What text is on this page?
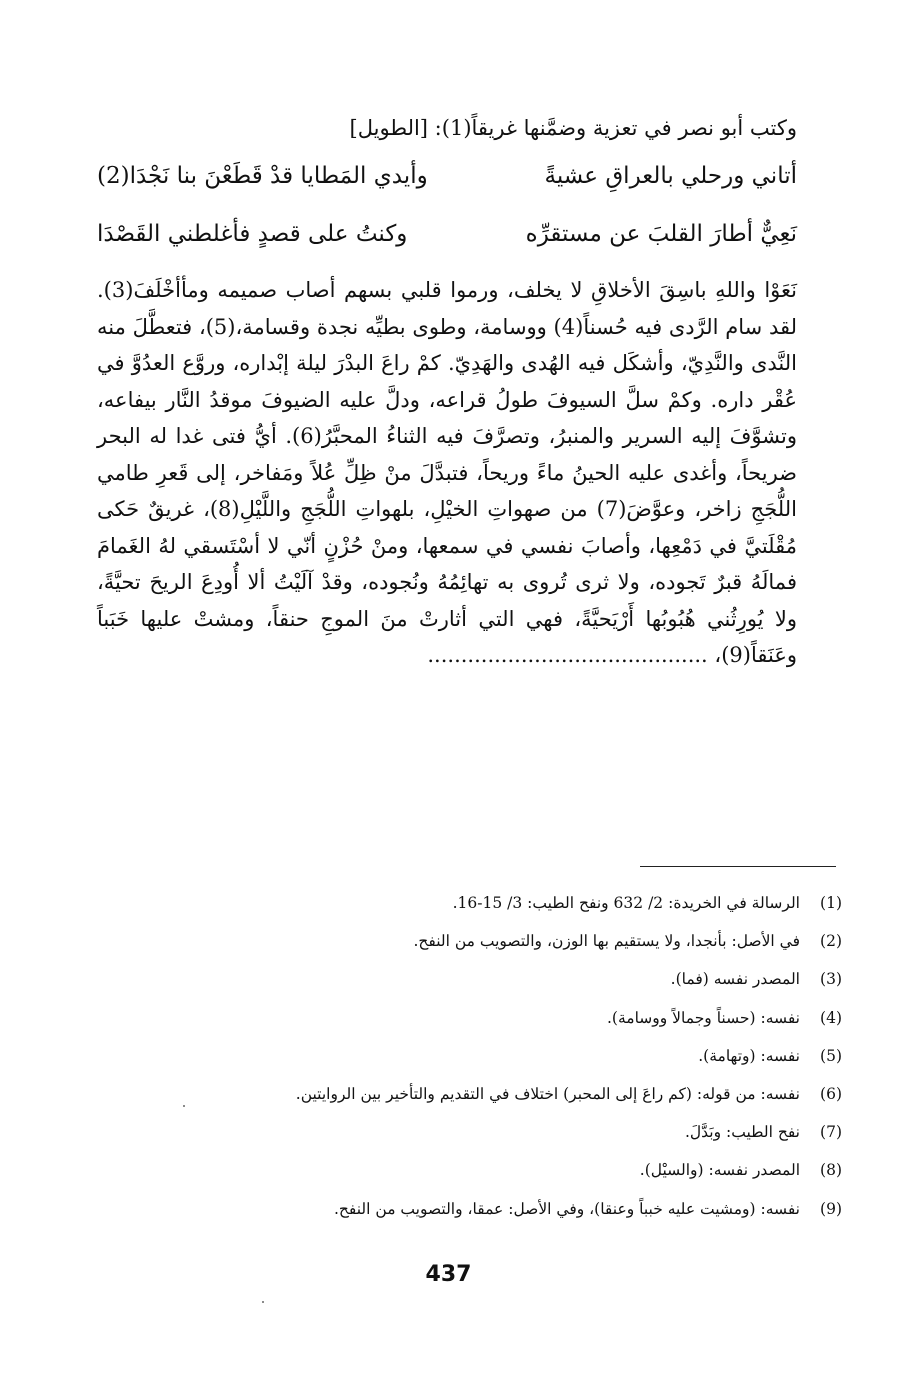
وكتب أبو نصر في تعزية وضمَّنها غريقاً(1): [الطويل]
أتاني ورحلي بالعراقِ عشيةً
وأيدي المَطايا قدْ قَطَعْنَ بنا نَجْدَا(2)
نَعِيٌّ أطارَ القلبَ عن مستقرِّه
وكنتُ على قصدٍ فأغلطني القَصْدَا

نَعَوْا واللهِ باسِقَ الأخلاقِ لا يخلف، ورموا قلبي بسهم أصاب صميمه ومأأخْلَفَ(3). لقد سام الرَّدى فيه حُسناً(4) ووسامة، وطوى بطيِّه نجدة وقسامة،(5)، فتعطَّلَ منه النَّدى والنَّدِيّ، وأشكَل فيه الهُدى والهَدِيّ. كمْ راعَ البدْرَ ليلة إبْداره، وروَّع العدُوَّ في عُقْر داره. وكمْ سلَّ السيوفَ طولُ قراعه، ودلَّ عليه الضيوفَ موقدُ النَّار بيفاعه، وتشوَّفَ إليه السرير والمنبرُ، وتصرَّفَ فيه الثناءُ المحبَّرُ(6). أيُّ فتى غدا له البحر ضريحاً، وأغدى عليه الحينُ ماءً وريحاً، فتبدَّلَ منْ ظِلِّ عُلاً ومَفاخر، إلى قَعرِ طامي اللُّجَجِ زاخر، وعوَّضَ(7) من صهواتِ الخيْلِ، بلهواتِ اللُّجَجِ واللَّيْلِ(8)، غريقٌ حَكى مُقْلَتيَّ في دَمْعِها، وأصابَ نفسي في سمعها، ومنْ حُزْنٍ أنّي لا أسْتَسقي لهُ الغَمامَ فمالَهُ قبرٌ تَجوده، ولا ثرى تُروى به تهائِمُهُ ونُجوده، وقدْ آلَيْتُ ألا أُودِعَ الريحَ تحيَّةً، ولا يُورِثُني هُبُوبُها أَرْيَحيَّةً، فهي التي أثارتْ منَ الموجِ حنقاً، ومشتْ عليها خَبَباً وعَنَقاً(9)، ..........................................

(1)
الرسالة في الخريدة: 2/ 632 ونفح الطيب: 3/ 15-16.
(2)
في الأصل: بأنجدا، ولا يستقيم بها الوزن، والتصويب من النفح.
(3)
المصدر نفسه (فما).
(4)
نفسه: (حسناً وجمالاً ووسامة).
(5)
نفسه: (وتهامة).
(6)
نفسه: من قوله: (كم راعَ إلى المحبر) اختلاف في التقديم والتأخير بين الروايتين.
(7)
نفح الطيب: وبَدَّلَ.
(8)
المصدر نفسه: (والسيْل).
(9)
نفسه: (ومشيت عليه خبباً وعنقا)، وفي الأصل: عمقا، والتصويب من النفح.
437
